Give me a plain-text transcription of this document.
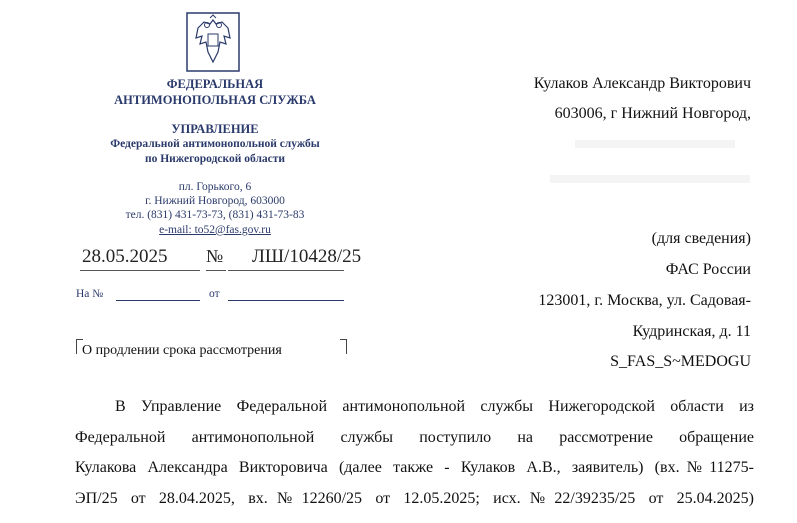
ФЕДЕРАЛЬНАЯ
АНТИМОНОПОЛЬНАЯ СЛУЖБА
УПРАВЛЕНИЕ
Федеральной антимонопольной службы
по Нижегородской области
пл. Горького, 6
г. Нижний Новгород, 603000
тел. (831) 431-73-73, (831) 431-73-83
e-mail: to52@fas.gov.ru
28.05.2025 № ЛШ/10428/25
На №	от
О продлении срока рассмотрения
Кулаков Александр Викторович
603006, г Нижний Новгород,
(для сведения)
ФАС России
123001, г. Москва, ул. Садовая-
Кудринская, д. 11
S_FAS_S~MEDOGU
В Управление Федеральной антимонопольной службы Нижегородской области из
Федеральной антимонопольной службы поступило на рассмотрение обращение
Кулакова Александра Викторовича (далее также - Кулаков А.В., заявитель) (вх.№11275-
ЭП/25 от 28.04.2025, вх.№12260/25 от 12.05.2025; исх.№22/39235/25 от 25.04.2025)
